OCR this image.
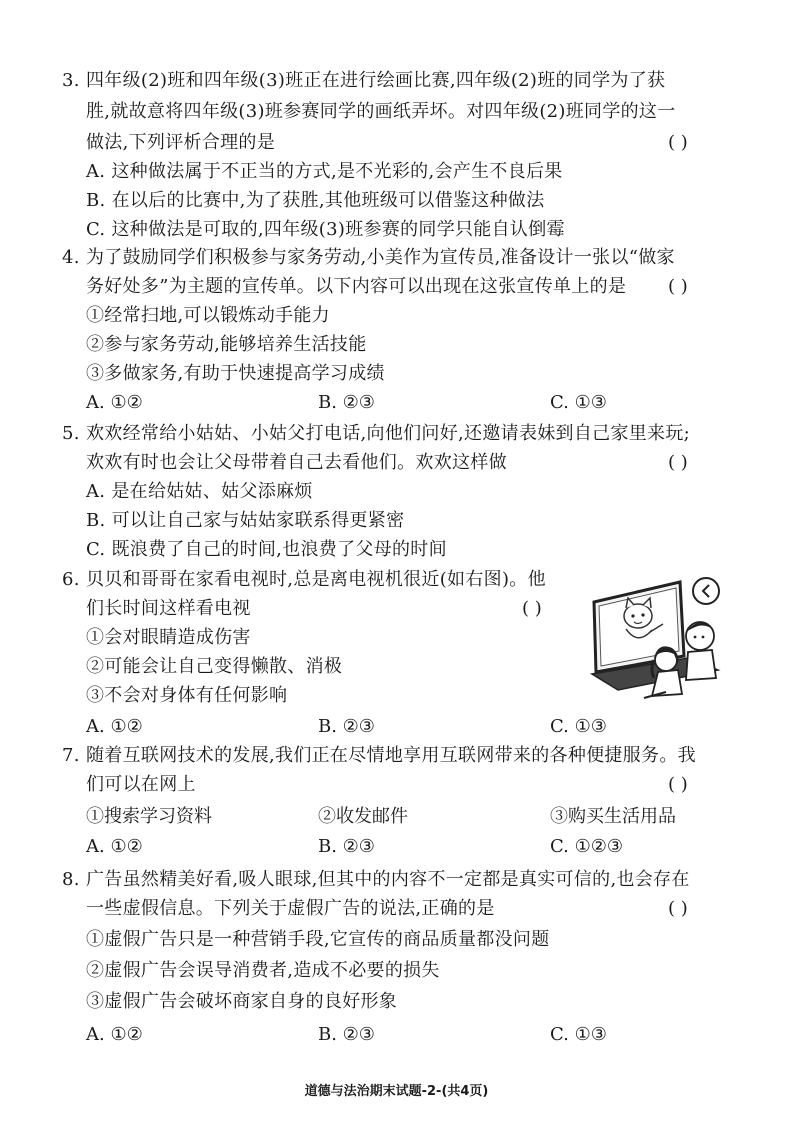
3. 四年级(2)班和四年级(3)班正在进行绘画比赛,四年级(2)班的同学为了获
胜,就故意将四年级(3)班参赛同学的画纸弄坏。对四年级(2)班同学的这一
做法,下列评析合理的是	( )
A. 这种做法属于不正当的方式,是不光彩的,会产生不良后果
B. 在以后的比赛中,为了获胜,其他班级可以借鉴这种做法
C. 这种做法是可取的,四年级(3)班参赛的同学只能自认倒霉
4. 为了鼓励同学们积极参与家务劳动,小美作为宣传员,准备设计一张以“做家
务好处多”为主题的宣传单。以下内容可以出现在这张宣传单上的是 ( )
①经常扫地,可以锻炼动手能力
②参与家务劳动,能够培养生活技能
③多做家务,有助于快速提高学习成绩
A. ①②	B. ②③	C. ①③
5. 欢欢经常给小姑姑、小姑父打电话,向他们问好,还邀请表妹到自己家里来玩;
欢欢有时也会让父母带着自己去看他们。欢欢这样做	( )
A. 是在给姑姑、姑父添麻烦
B. 可以让自己家与姑姑家联系得更紧密
C. 既浪费了自己的时间,也浪费了父母的时间
6. 贝贝和哥哥在家看电视时,总是离电视机很近(如右图)。他
们长时间这样看电视	( )
①会对眼睛造成伤害
②可能会让自己变得懒散、消极
③不会对身体有任何影响
A. ①②	B. ②③	C. ①③
7. 随着互联网技术的发展,我们正在尽情地享用互联网带来的各种便捷服务。我
们可以在网上	( )
①搜索学习资料	②收发邮件	③购买生活用品
A. ①②	B. ②③	C. ①②③
8. 广告虽然精美好看,吸人眼球,但其中的内容不一定都是真实可信的,也会存在
一些虚假信息。下列关于虚假广告的说法,正确的是	( )
①虚假广告只是一种营销手段,它宣传的商品质量都没问题
②虚假广告会误导消费者,造成不必要的损失
③虚假广告会破坏商家自身的良好形象
A. ①②	B. ②③	C. ①③
道德与法治期末试题-2-(共4页)
